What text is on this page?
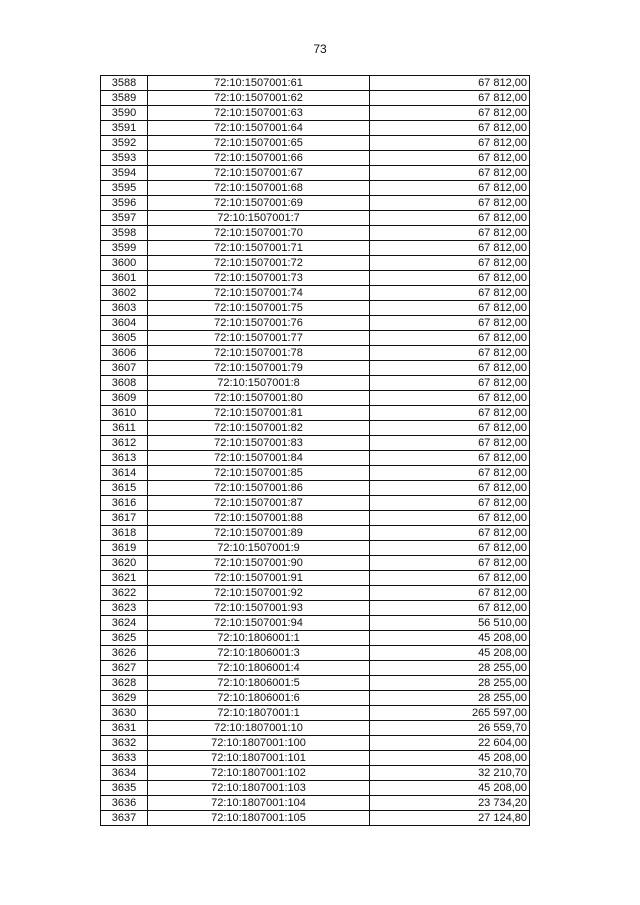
73
3588	72:10:1507001:61	67 812,00
3589	72:10:1507001:62	67 812,00
3590	72:10:1507001:63	67 812,00
3591	72:10:1507001:64	67 812,00
3592	72:10:1507001:65	67 812,00
3593	72:10:1507001:66	67 812,00
3594	72:10:1507001:67	67 812,00
3595	72:10:1507001:68	67 812,00
3596	72:10:1507001:69	67 812,00
3597	72:10:1507001:7	67 812,00
3598	72:10:1507001:70	67 812,00
3599	72:10:1507001:71	67 812,00
3600	72:10:1507001:72	67 812,00
3601	72:10:1507001:73	67 812,00
3602	72:10:1507001:74	67 812,00
3603	72:10:1507001:75	67 812,00
3604	72:10:1507001:76	67 812,00
3605	72:10:1507001:77	67 812,00
3606	72:10:1507001:78	67 812,00
3607	72:10:1507001:79	67 812,00
3608	72:10:1507001:8	67 812,00
3609	72:10:1507001:80	67 812,00
3610	72:10:1507001:81	67 812,00
3611	72:10:1507001:82	67 812,00
3612	72:10:1507001:83	67 812,00
3613	72:10:1507001:84	67 812,00
3614	72:10:1507001:85	67 812,00
3615	72:10:1507001:86	67 812,00
3616	72:10:1507001:87	67 812,00
3617	72:10:1507001:88	67 812,00
3618	72:10:1507001:89	67 812,00
3619	72:10:1507001:9	67 812,00
3620	72:10:1507001:90	67 812,00
3621	72:10:1507001:91	67 812,00
3622	72:10:1507001:92	67 812,00
3623	72:10:1507001:93	67 812,00
3624	72:10:1507001:94	56 510,00
3625	72:10:1806001:1	45 208,00
3626	72:10:1806001:3	45 208,00
3627	72:10:1806001:4	28 255,00
3628	72:10:1806001:5	28 255,00
3629	72:10:1806001:6	28 255,00
3630	72:10:1807001:1	265 597,00
3631	72:10:1807001:10	26 559,70
3632	72:10:1807001:100	22 604,00
3633	72:10:1807001:101	45 208,00
3634	72:10:1807001:102	32 210,70
3635	72:10:1807001:103	45 208,00
3636	72:10:1807001:104	23 734,20
3637	72:10:1807001:105	27 124,80
